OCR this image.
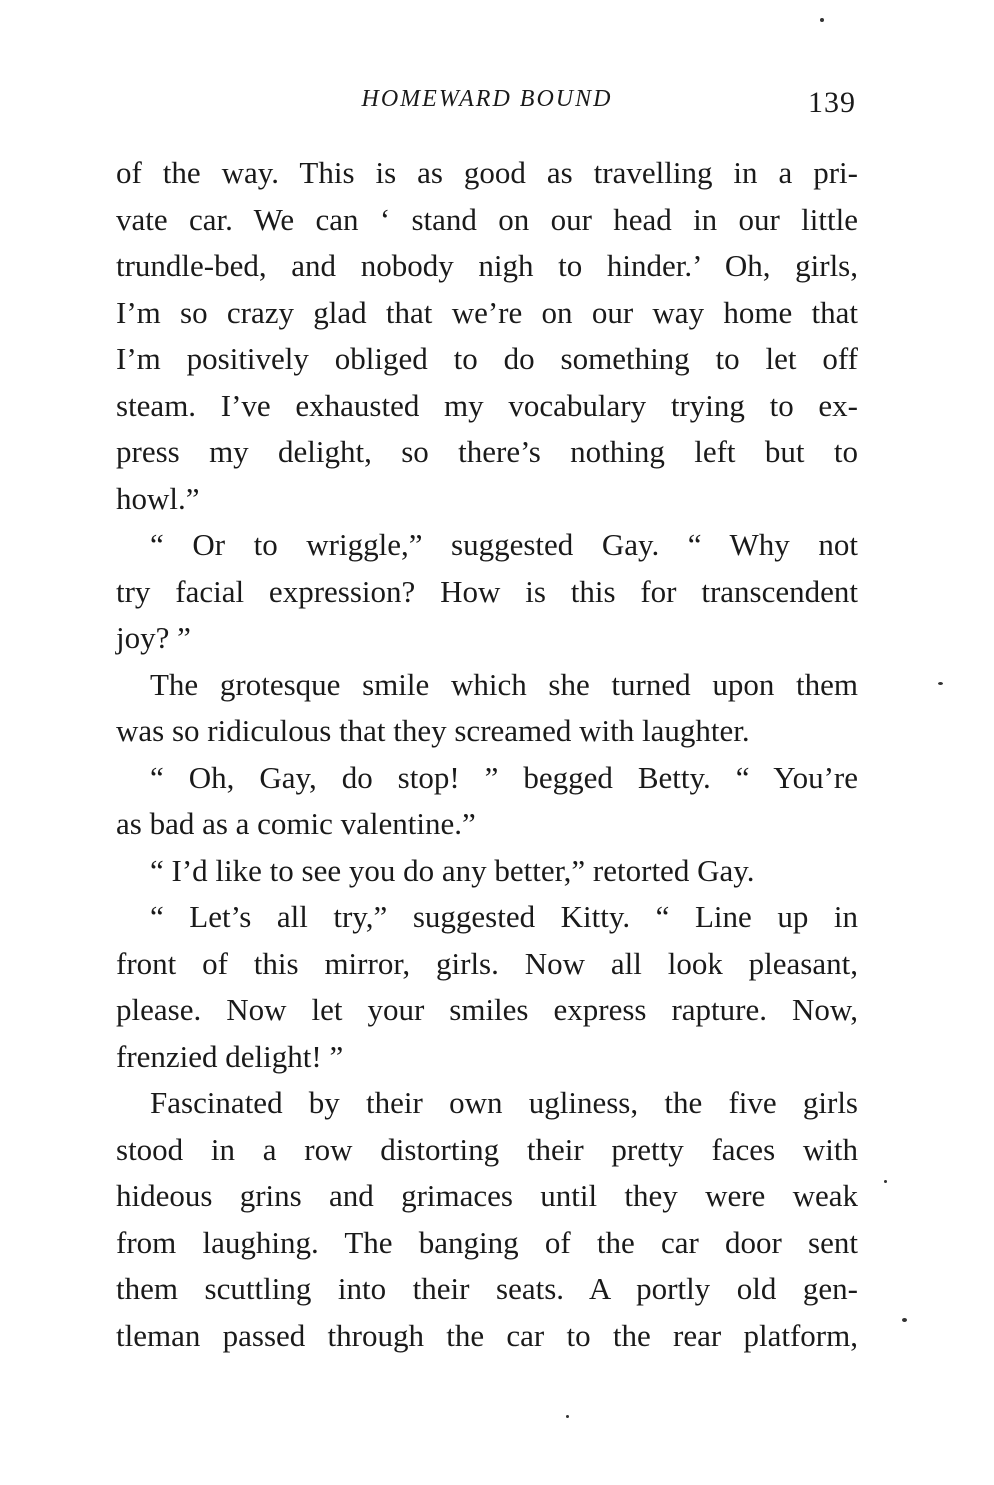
HOMEWARD BOUND	139
of the way. This is as good as travelling in a pri-
vate car. We can ‘ stand on our head in our little
trundle-bed, and nobody nigh to hinder.’ Oh, girls,
I’m so crazy glad that we’re on our way home that
I’m positively obliged to do something to let off
steam. I’ve exhausted my vocabulary trying to ex-
press my delight, so there’s nothing left but to
howl.”
“ Or to wriggle,” suggested Gay. “ Why not
try facial expression? How is this for transcendent
joy? ”
The grotesque smile which she turned upon them
was so ridiculous that they screamed with laughter.
“ Oh, Gay, do stop! ” begged Betty. “ You’re
as bad as a comic valentine.”
“ I’d like to see you do any better,” retorted Gay.
“ Let’s all try,” suggested Kitty. “ Line up in
front of this mirror, girls. Now all look pleasant,
please. Now let your smiles express rapture. Now,
frenzied delight! ”
Fascinated by their own ugliness, the five girls
stood in a row distorting their pretty faces with
hideous grins and grimaces until they were weak
from laughing. The banging of the car door sent
them scuttling into their seats. A portly old gen-
tleman passed through the car to the rear platform,
